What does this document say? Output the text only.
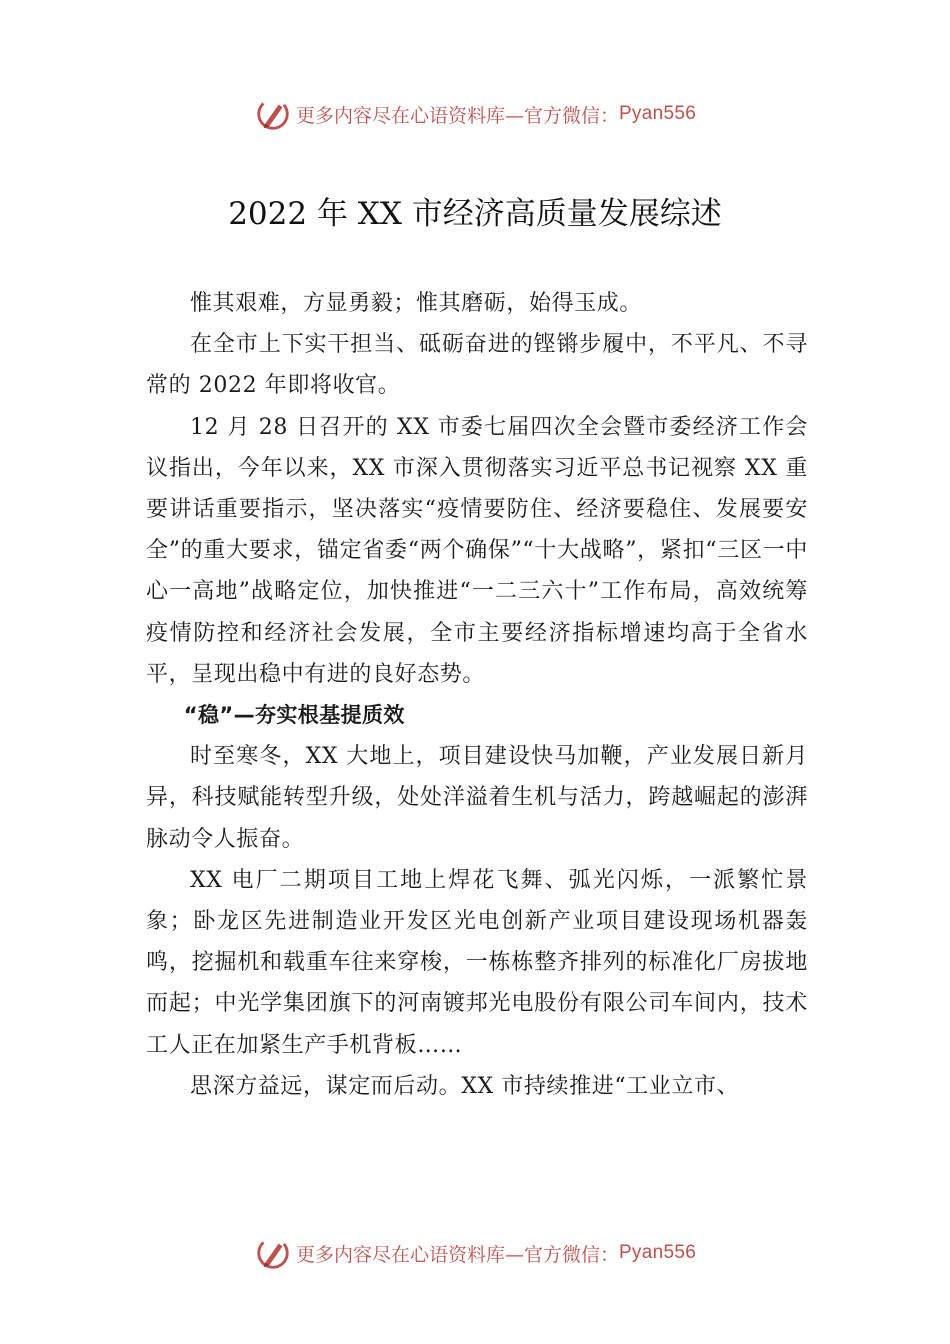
更多内容尽在心语资料库—官方微信： Pyan556
2022 年 XX 市经济高质量发展综述

惟其艰难，方显勇毅；惟其磨砺，始得玉成。

在全市上下实干担当、砥砺奋进的铿锵步履中，不平凡、不寻常的 2022 年即将收官。

12 月 28 日召开的 XX 市委七届四次全会暨市委经济工作会议指出，今年以来，XX 市深入贯彻落实习近平总书记视察 XX 重要讲话重要指示，坚决落实“疫情要防住、经济要稳住、发展要安全”的重大要求，锚定省委“两个确保”“十大战略”，紧扣“三区一中心一高地”战略定位，加快推进“一二三六十”工作布局，高效统筹疫情防控和经济社会发展，全市主要经济指标增速均高于全省水平，呈现出稳中有进的良好态势。

“稳”—夯实根基提质效

时至寒冬，XX 大地上，项目建设快马加鞭，产业发展日新月异，科技赋能转型升级，处处洋溢着生机与活力，跨越崛起的澎湃脉动令人振奋。

XX 电厂二期项目工地上焊花飞舞、弧光闪烁，一派繁忙景象；卧龙区先进制造业开发区光电创新产业项目建设现场机器轰鸣，挖掘机和载重车往来穿梭，一栋栋整齐排列的标准化厂房拔地而起；中光学集团旗下的河南镀邦光电股份有限公司车间内，技术工人正在加紧生产手机背板……

思深方益远，谋定而后动。XX 市持续推进“工业立市、

更多内容尽在心语资料库—官方微信： Pyan556
